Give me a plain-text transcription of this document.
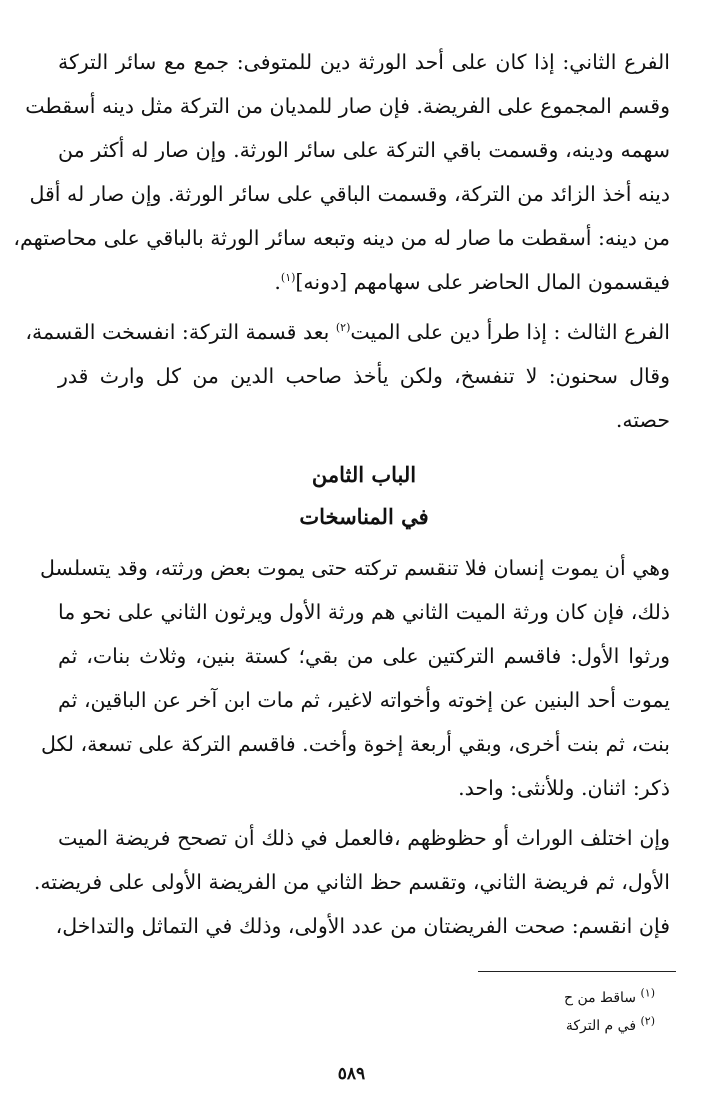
الفرع الثاني: إذا كان على أحد الورثة دين للمتوفى: جمع مع سائر التركة
وقسم المجموع على الفريضة. فإن صار للمديان من التركة مثل دينه أسقطت
سهمه ودينه، وقسمت باقي التركة على سائر الورثة. وإن صار له أكثر من
دينه أخذ الزائد من التركة، وقسمت الباقي على سائر الورثة. وإن صار له أقل
من دينه: أسقطت ما صار له من دينه وتبعه سائر الورثة بالباقي على محاصتهم،
فيقسمون المال الحاضر على سهامهم [دونه]$^{(١)}$.
الفرع الثالث : إذا طرأ دين على الميت$^{(٢)}$ بعد قسمة التركة: انفسخت القسمة،
وقال سحنون: لا تنفسخ، ولكن يأخذ صاحب الدين من كل وارث قدر
حصته.
الباب الثامن
في المناسخات
وهي أن يموت إنسان فلا تنقسم تركته حتى يموت بعض ورثته، وقد يتسلسل
ذلك، فإن كان ورثة الميت الثاني هم ورثة الأول ويرثون الثاني على نحو ما
ورثوا الأول: فاقسم التركتين على من بقي؛ كستة بنين، وثلاث بنات، ثم
يموت أحد البنين عن إخوته وأخواته لاغير، ثم مات ابن آخر عن الباقين، ثم
بنت، ثم بنت أخرى، وبقي أربعة إخوة وأخت. فاقسم التركة على تسعة، لكل
ذكر: اثنان. وللأنثى: واحد.
وإن اختلف الوراث أو حظوظهم ،فالعمل في ذلك أن تصحح فريضة الميت
الأول، ثم فريضة الثاني، وتقسم حظ الثاني من الفريضة الأولى على فريضته.
فإن انقسم: صحت الفريضتان من عدد الأولى، وذلك في التماثل والتداخل،
$^{(١)}$ ساقط من ح
$^{(٢)}$ في م التركة
٥٨٩
